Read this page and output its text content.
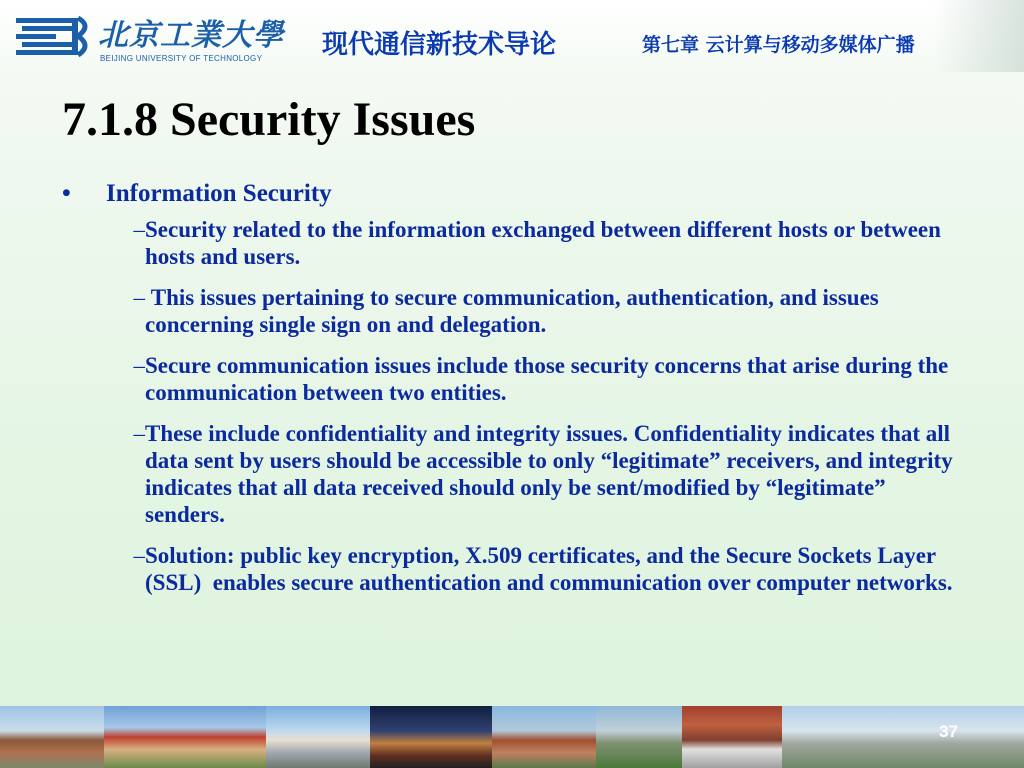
北京工業大學
BEIJING UNIVERSITY OF TECHNOLOGY 现代通信新技术导论	第七章 云计算与移动多媒体广播
7.1.8 Security Issues
•	Information Security
– Security related to the information exchanged between different hosts or between hosts and users.
– This issues pertaining to secure communication, authentication, and issues concerning single sign on and delegation.
– Secure communication issues include those security concerns that arise during the communication between two entities.
– These include confidentiality and integrity issues. Confidentiality indicates that all data sent by users should be accessible to only “legitimate” receivers, and integrity indicates that all data received should only be sent/modified by “legitimate” senders.
– Solution: public key encryption, X.509 certificates, and the Secure Sockets Layer (SSL)  enables secure authentication and communication over computer networks.
37
